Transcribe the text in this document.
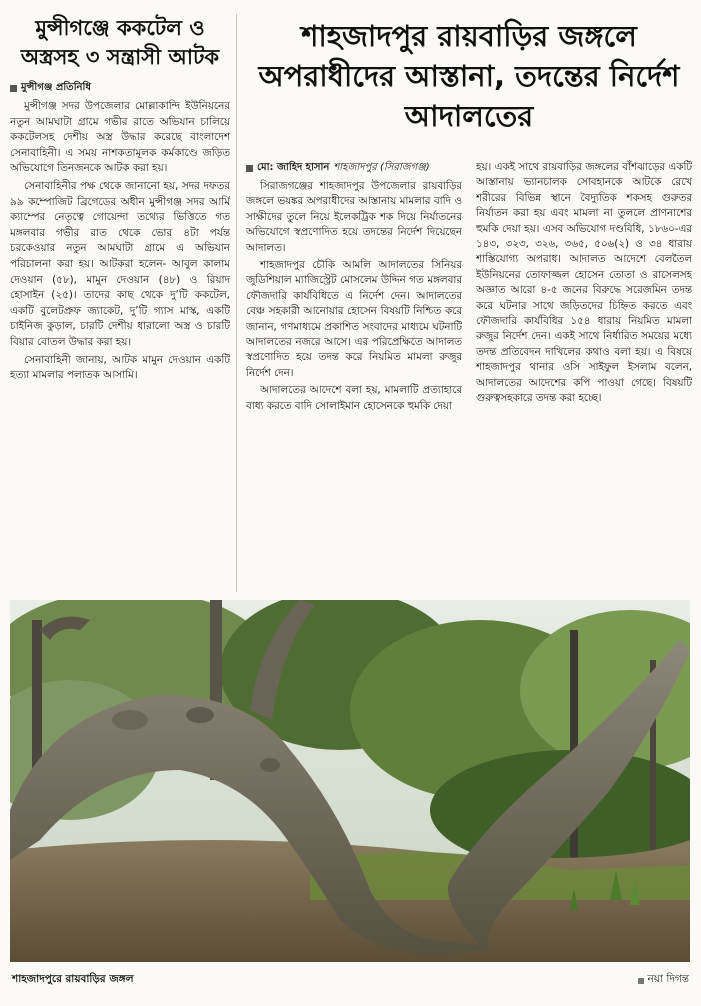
মুন্সীগঞ্জে ককটেল ও অস্ত্রসহ ৩ সন্ত্রাসী আটক
মুন্সীগঞ্জ প্রতিনিধি

মুন্সীগঞ্জ সদর উপজেলার মোল্লাকান্দি ইউনিয়নের নতুন আমঘাটা গ্রামে গভীর রাতে অভিযান চালিয়ে ককটেলসহ দেশীয় অস্ত্র উদ্ধার করেছে বাংলাদেশ সেনাবাহিনী। এ সময় নাশকতামূলক কর্মকাণ্ডে জড়িত অভিযোগে তিনজনকে আটক করা হয়।

সেনাবাহিনীর পক্ষ থেকে জানানো হয়, সদর দফতর ৯৯ কম্পোজিট ব্রিগেডের অধীন মুন্সীগঞ্জ সদর আর্মি ক্যাম্পের নেতৃত্বে গোয়েন্দা তথ্যের ভিত্তিতে গত মঙ্গলবার গভীর রাত থেকে ভোর ৪টা পর্যন্ত চরকেওয়ার নতুন আমঘাটা গ্রামে এ অভিযান পরিচালনা করা হয়। আটকরা হলেন- আবুল কালাম দেওয়ান (৫৮), মামুন দেওয়ান (৪৮) ও রিয়াদ হোসাইন (২৫)। তাদের কাছ থেকে দু’টি ককটেল, একটি বুলেটপ্রুফ জ্যাকেট, দু’টি গ্যাস মাস্ক, একটি চাইনিজ কুড়াল, চারটি দেশীয় ধারালো অস্ত্র ও চারটি বিয়ার বোতল উদ্ধার করা হয়।

সেনাবাহিনী জানায়, আটক মামুন দেওয়ান একটি হত্যা মামলার পলাতক আসামি।

শাহজাদপুর রায়বাড়ির জঙ্গলে অপরাধীদের আস্তানা, তদন্তের নির্দেশ আদালতের
মো: জাহিদ হাসান শাহজাদপুর (সিরাজগঞ্জ)

সিরাজগঞ্জের শাহজাদপুর উপজেলার রায়বাড়ির জঙ্গলে ভয়ঙ্কর অপরাধীদের আস্তানায় মামলার বাদি ও সাক্ষীদের তুলে নিয়ে ইলেকট্রিক শক দিয়ে নির্যাতনের অভিযোগে স্বপ্রণোদিত হয়ে তদন্তের নির্দেশ দিয়েছেন আদালত।

শাহজাদপুর চৌকি আমলি আদালতের সিনিয়র জুডিশিয়াল ম্যাজিস্ট্রেট মোসলেম উদ্দিন গত মঙ্গলবার ফৌজদারি কার্যবিধিতে এ নির্দেশ দেন। আদালতের বেঞ্চ সহকারী আনোয়ার হোসেন বিষয়টি নিশ্চিত করে জানান, গণমাধ্যমে প্রকাশিত সংবাদের মাধ্যমে ঘটনাটি আদালতের নজরে আসে। এর পরিপ্রেক্ষিতে আদালত স্বপ্রণোদিত হয়ে তদন্ত করে নিয়মিত মামলা রুজুর নির্দেশ দেন।

আদালতের আদেশে বলা হয়, মামলাটি প্রত্যাহারে বাধ্য করতে বাদি সোলাইমান হোসেনকে হুমকি দেয়া

হয়। একই সাথে রায়বাড়ির জঙ্গলের বাঁশঝাড়ের একটি আস্তানায় ভ্যানচালক সোবহানকে আটকে রেখে শরীরের বিভিন্ন স্থানে বৈদ্যুতিক শকসহ গুরুতর নির্যাতন করা হয় এবং মামলা না তুললে প্রাণনাশের হুমকি দেয়া হয়। এসব অভিযোগ দণ্ডবিধি, ১৮৬০-এর ১৪৩, ৩২৩, ৩২৬, ৩৬৫, ৫০৬(২) ও ৩৪ ধারায় শাস্তিযোগ্য অপরাধ। আদালত আদেশে বেলতৈল ইউনিয়নের তোফাজ্জল হোসেন তোতা ও রাসেলসহ অজ্ঞাত আরো ৪-৫ জনের বিরুদ্ধে সরেজমিন তদন্ত করে ঘটনার সাথে জড়িতদের চিহ্নিত করতে এবং ফৌজদারি কার্যবিধির ১৫৪ ধারায় নিয়মিত মামলা রুজুর নির্দেশ দেন। একই সাথে নির্ধারিত সময়ের মধ্যে তদন্ত প্রতিবেদন দাখিলের কথাও বলা হয়। এ বিষয়ে শাহজাদপুর থানার ওসি সাইফুল ইসলাম বলেন, আদালতের আদেশের কপি পাওয়া গেছে। বিষয়টি গুরুত্বসহকারে তদন্ত করা হচ্ছে।

শাহজাদপুরে রায়বাড়ির জঙ্গল	নয়া দিগন্ত
